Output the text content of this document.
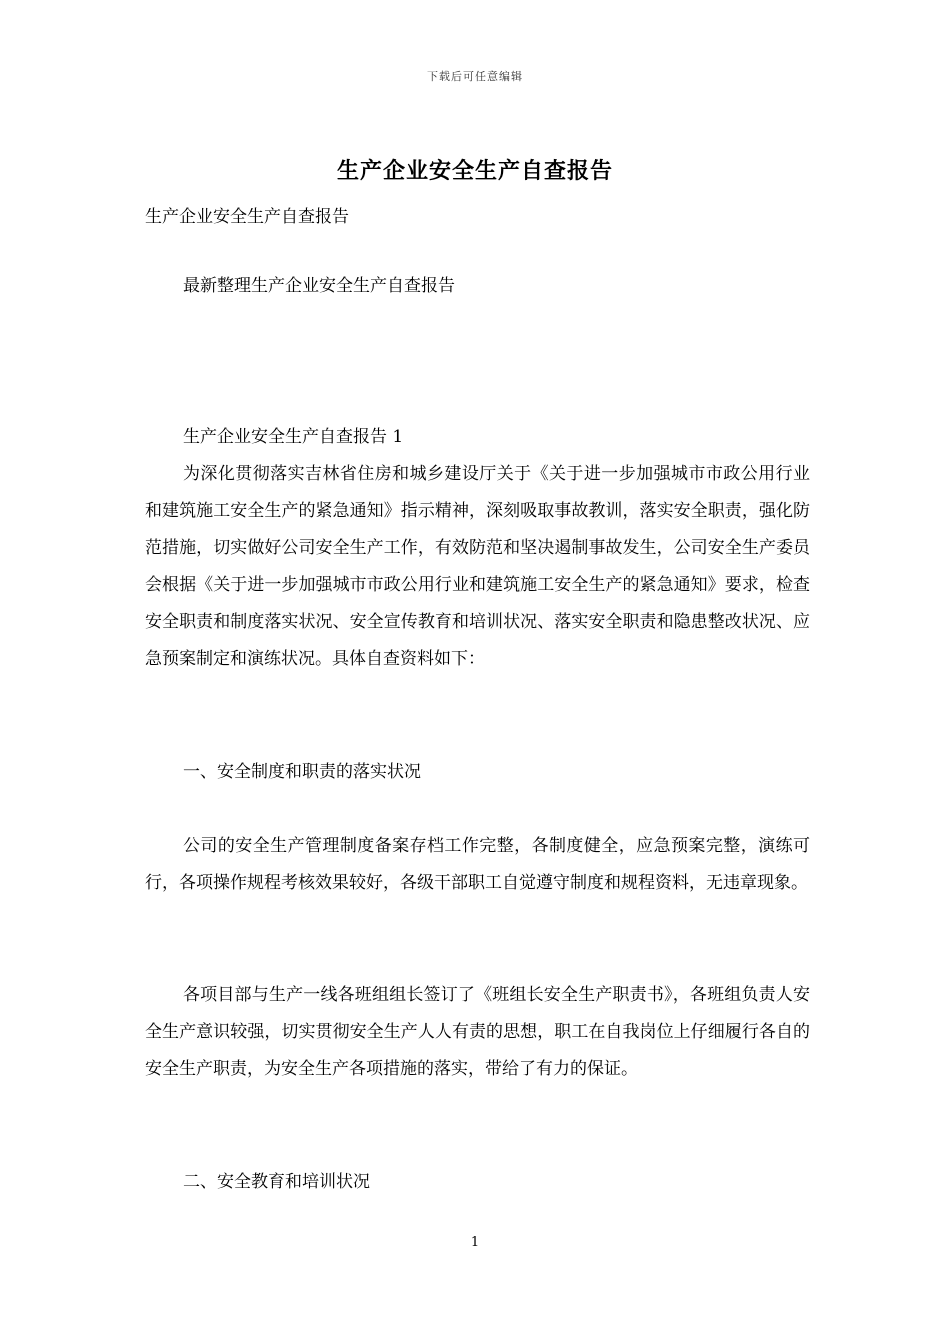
下载后可任意编辑
生产企业安全生产自查报告

生产企业安全生产自查报告

最新整理生产企业安全生产自查报告

生产企业安全生产自查报告 1

为深化贯彻落实吉林省住房和城乡建设厅关于《关于进一步加强城市市政公用行业和建筑施工安全生产的紧急通知》指示精神，深刻吸取事故教训，落实安全职责，强化防范措施，切实做好公司安全生产工作，有效防范和坚决遏制事故发生，公司安全生产委员会根据《关于进一步加强城市市政公用行业和建筑施工安全生产的紧急通知》要求，检查安全职责和制度落实状况、安全宣传教育和培训状况、落实安全职责和隐患整改状况、应急预案制定和演练状况。具体自查资料如下：

一、安全制度和职责的落实状况

公司的安全生产管理制度备案存档工作完整，各制度健全，应急预案完整，演练可行，各项操作规程考核效果较好，各级干部职工自觉遵守制度和规程资料，无违章现象。

各项目部与生产一线各班组组长签订了《班组长安全生产职责书》，各班组负责人安全生产意识较强，切实贯彻安全生产人人有责的思想，职工在自我岗位上仔细履行各自的安全生产职责，为安全生产各项措施的落实，带给了有力的保证。

二、安全教育和培训状况

1
